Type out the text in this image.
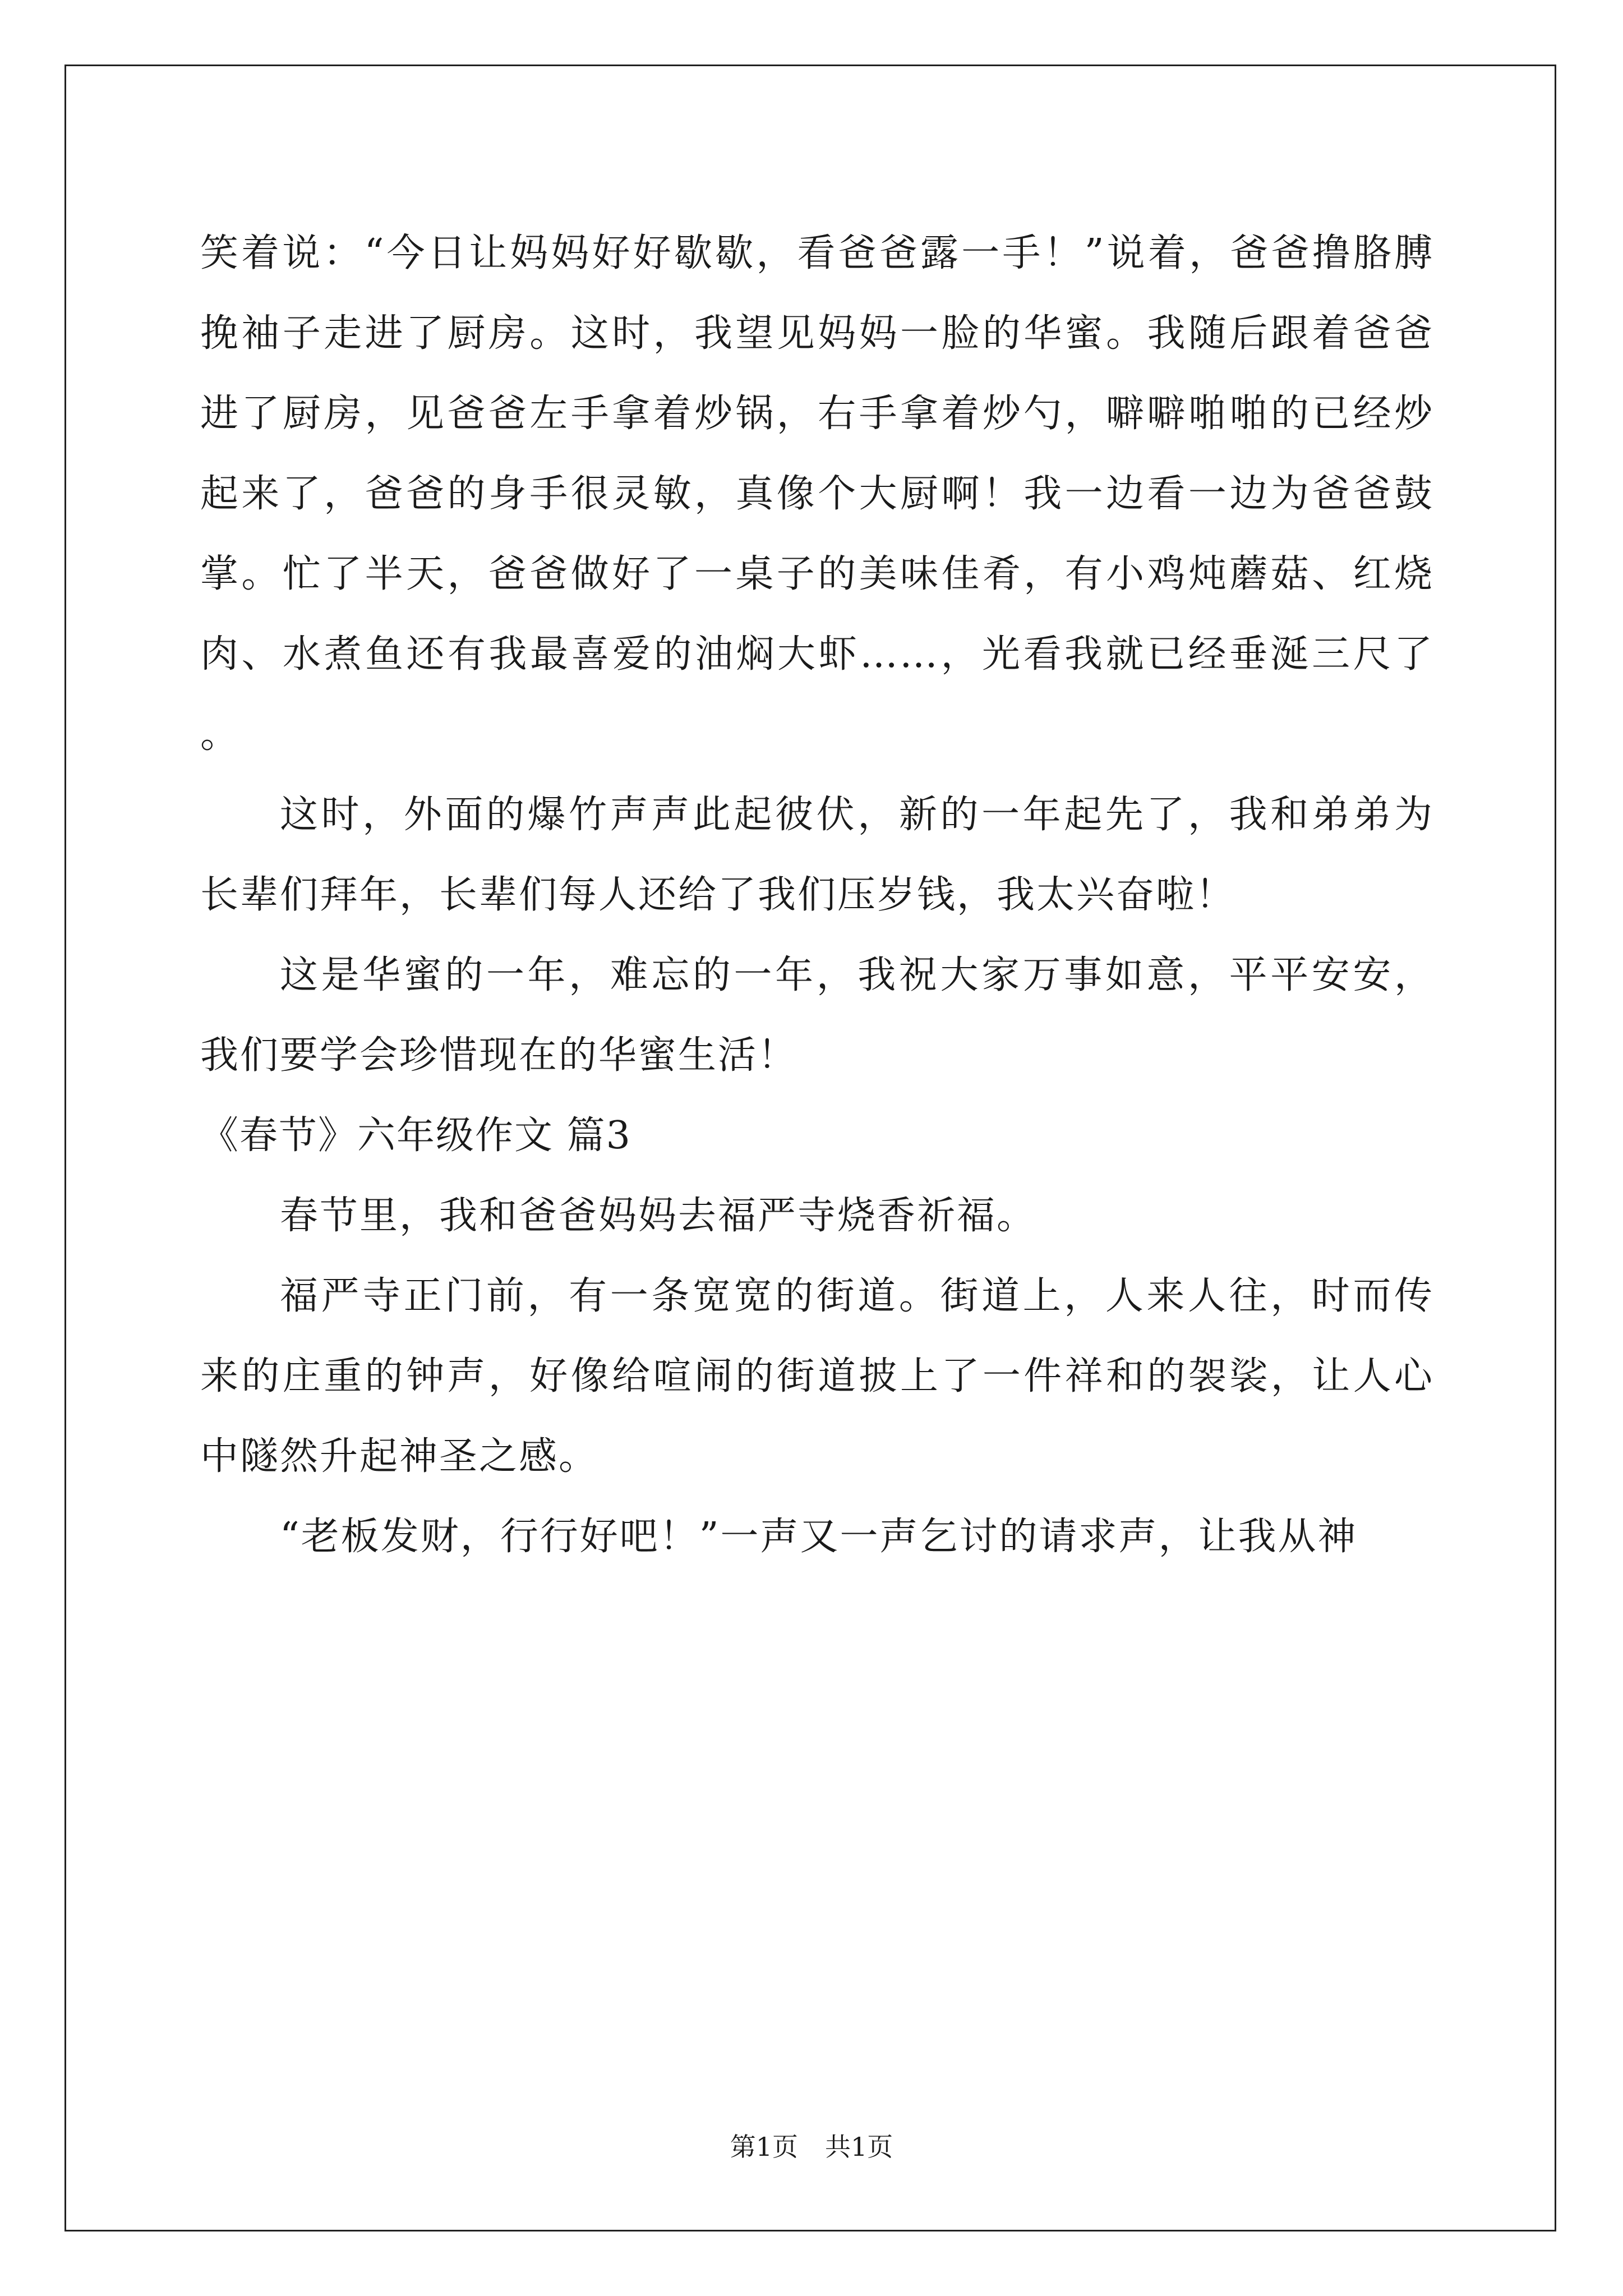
笑着说：“今日让妈妈好好歇歇，看爸爸露一手！”说着，爸爸撸胳膊挽袖子走进了厨房。这时，我望见妈妈一脸的华蜜。我随后跟着爸爸进了厨房，见爸爸左手拿着炒锅，右手拿着炒勺，噼噼啪啪的已经炒起来了，爸爸的身手很灵敏，真像个大厨啊！我一边看一边为爸爸鼓掌。忙了半天，爸爸做好了一桌子的美味佳肴，有小鸡炖蘑菇、红烧肉、水煮鱼还有我最喜爱的油焖大虾……，光看我就已经垂涎三尺了。

这时，外面的爆竹声声此起彼伏，新的一年起先了，我和弟弟为长辈们拜年，长辈们每人还给了我们压岁钱，我太兴奋啦！

这是华蜜的一年，难忘的一年，我祝大家万事如意，平平安安，我们要学会珍惜现在的华蜜生活！

《春节》六年级作文 篇3

春节里，我和爸爸妈妈去福严寺烧香祈福。

福严寺正门前，有一条宽宽的街道。街道上，人来人往，时而传来的庄重的钟声，好像给喧闹的街道披上了一件祥和的袈裟，让人心中隧然升起神圣之感。

“老板发财，行行好吧！”一声又一声乞讨的请求声，让我从神

第1页 共1页
